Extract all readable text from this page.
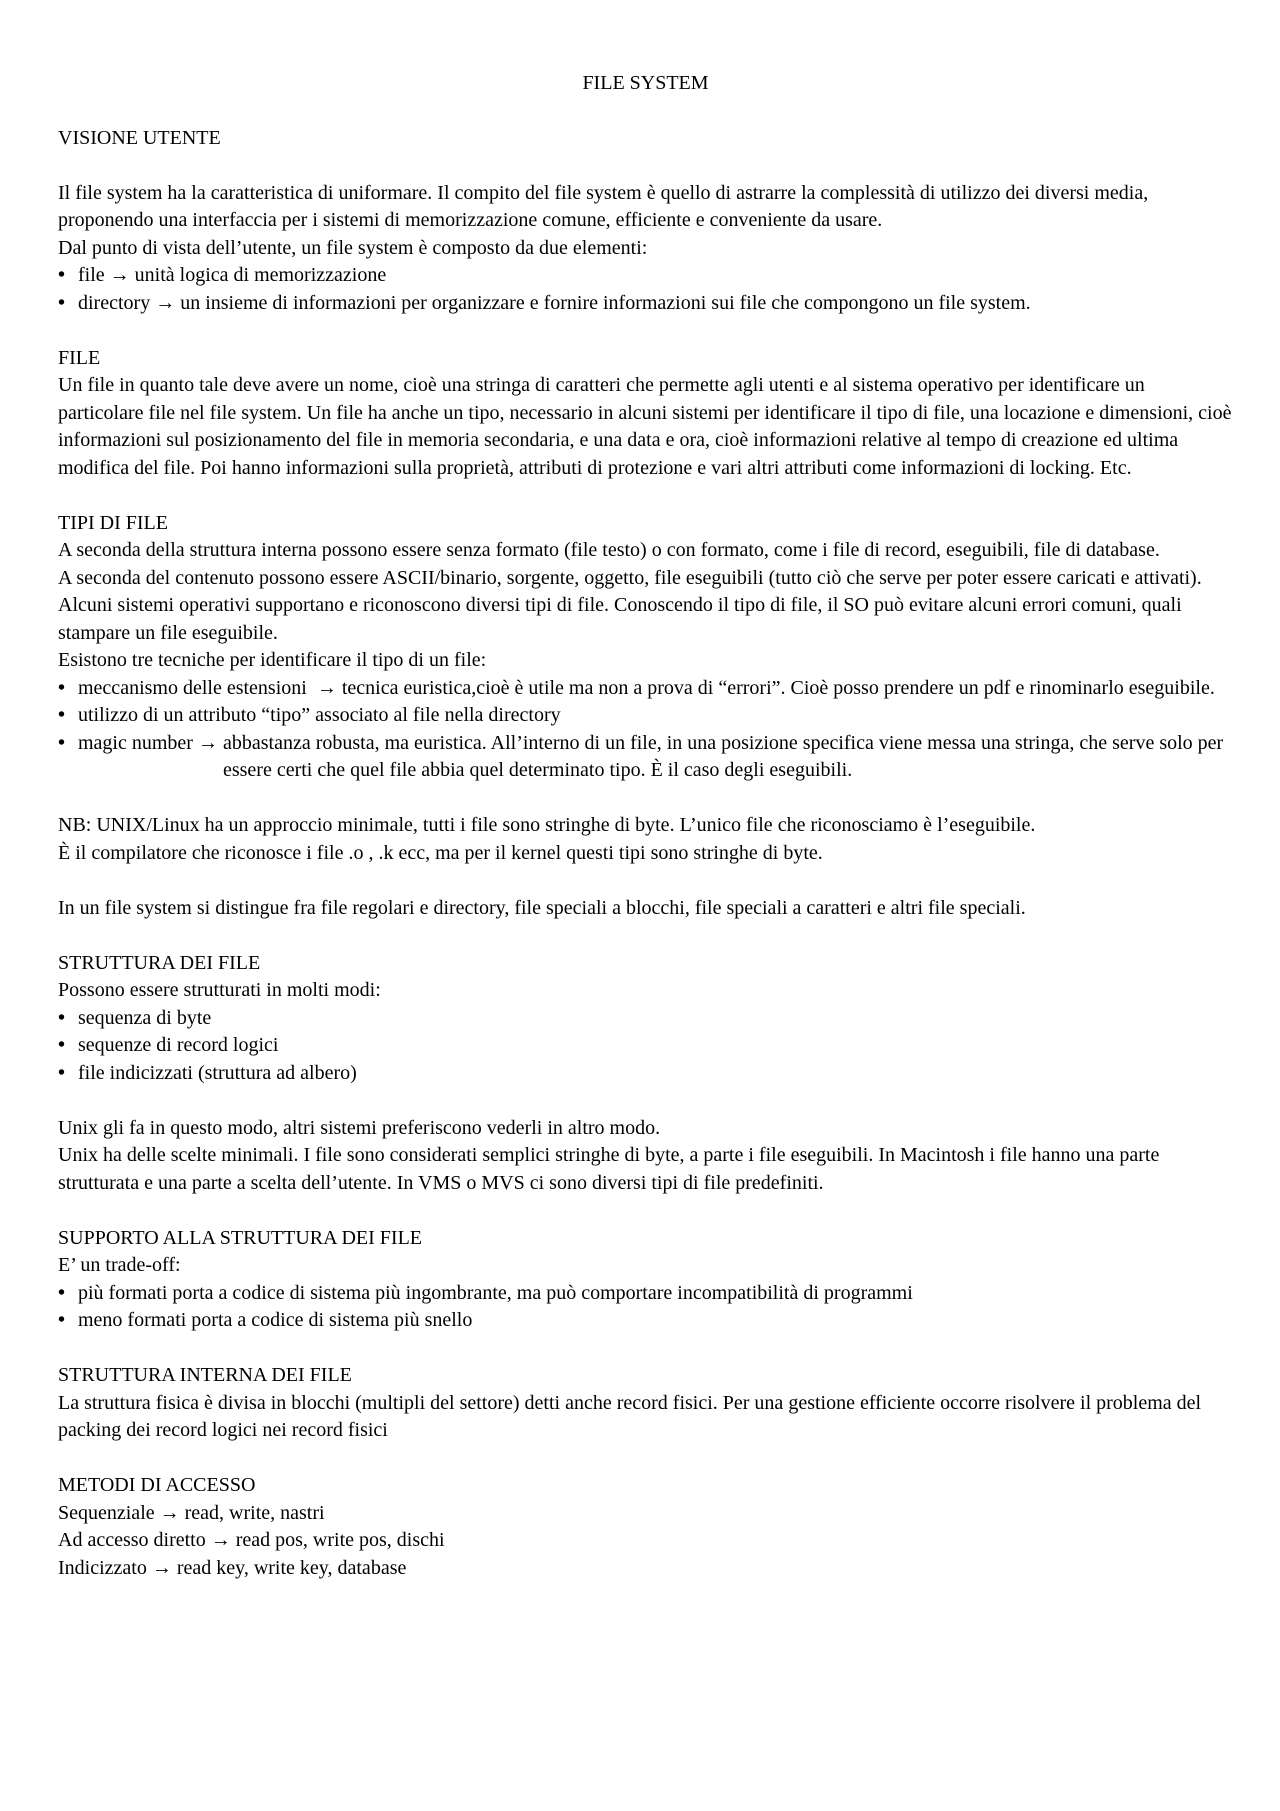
FILE SYSTEM
VISIONE UTENTE
Il file system ha la caratteristica di uniformare. Il compito del file system è quello di astrarre la complessità di utilizzo dei diversi media, proponendo una interfaccia per i sistemi di memorizzazione comune, efficiente e conveniente da usare.
Dal punto di vista dell’utente, un file system è composto da due elementi:
• file → unità logica di memorizzazione
• directory → un insieme di informazioni per organizzare e fornire informazioni sui file che compongono un file system.
FILE
Un file in quanto tale deve avere un nome, cioè una stringa di caratteri che permette agli utenti e al sistema operativo per identificare un particolare file nel file system. Un file ha anche un tipo, necessario in alcuni sistemi per identificare il tipo di file, una locazione e dimensioni, cioè informazioni sul posizionamento del file in memoria secondaria, e una data e ora, cioè informazioni relative al tempo di creazione ed ultima modifica del file. Poi hanno informazioni sulla proprietà, attributi di protezione e vari altri attributi come informazioni di locking. Etc.
TIPI DI FILE
A seconda della struttura interna possono essere senza formato (file testo) o con formato, come i file di record, eseguibili, file di database.
A seconda del contenuto possono essere ASCII/binario, sorgente, oggetto, file eseguibili (tutto ciò che serve per poter essere caricati e attivati).
Alcuni sistemi operativi supportano e riconoscono diversi tipi di file. Conoscendo il tipo di file, il SO può evitare alcuni errori comuni, quali stampare un file eseguibile.
Esistono tre tecniche per identificare il tipo di un file:
• meccanismo delle estensioni  → tecnica euristica,cioè è utile ma non a prova di “errori”. Cioè posso prendere un pdf e rinominarlo eseguibile.
• utilizzo di un attributo “tipo” associato al file nella directory
• magic number → abbastanza robusta, ma euristica. All’interno di un file, in una posizione specifica viene messa una stringa, che serve solo per essere certi che quel file abbia quel determinato tipo. È il caso degli eseguibili.
NB: UNIX/Linux ha un approccio minimale, tutti i file sono stringhe di byte. L’unico file che riconosciamo è l’eseguibile.
È il compilatore che riconosce i file .o , .k ecc, ma per il kernel questi tipi sono stringhe di byte.
In un file system si distingue fra file regolari e directory, file speciali a blocchi, file speciali a caratteri e altri file speciali.
STRUTTURA DEI FILE
Possono essere strutturati in molti modi:
• sequenza di byte
• sequenze di record logici
• file indicizzati (struttura ad albero)
Unix gli fa in questo modo, altri sistemi preferiscono vederli in altro modo.
Unix ha delle scelte minimali. I file sono considerati semplici stringhe di byte, a parte i file eseguibili. In Macintosh i file hanno una parte strutturata e una parte a scelta dell’utente. In VMS o MVS ci sono diversi tipi di file predefiniti.
SUPPORTO ALLA STRUTTURA DEI FILE
E’ un trade-off:
• più formati porta a codice di sistema più ingombrante, ma può comportare incompatibilità di programmi
• meno formati porta a codice di sistema più snello
STRUTTURA INTERNA DEI FILE
La struttura fisica è divisa in blocchi (multipli del settore) detti anche record fisici. Per una gestione efficiente occorre risolvere il problema del packing dei record logici nei record fisici
METODI DI ACCESSO
Sequenziale → read, write, nastri
Ad accesso diretto → read pos, write pos, dischi
Indicizzato → read key, write key, database
